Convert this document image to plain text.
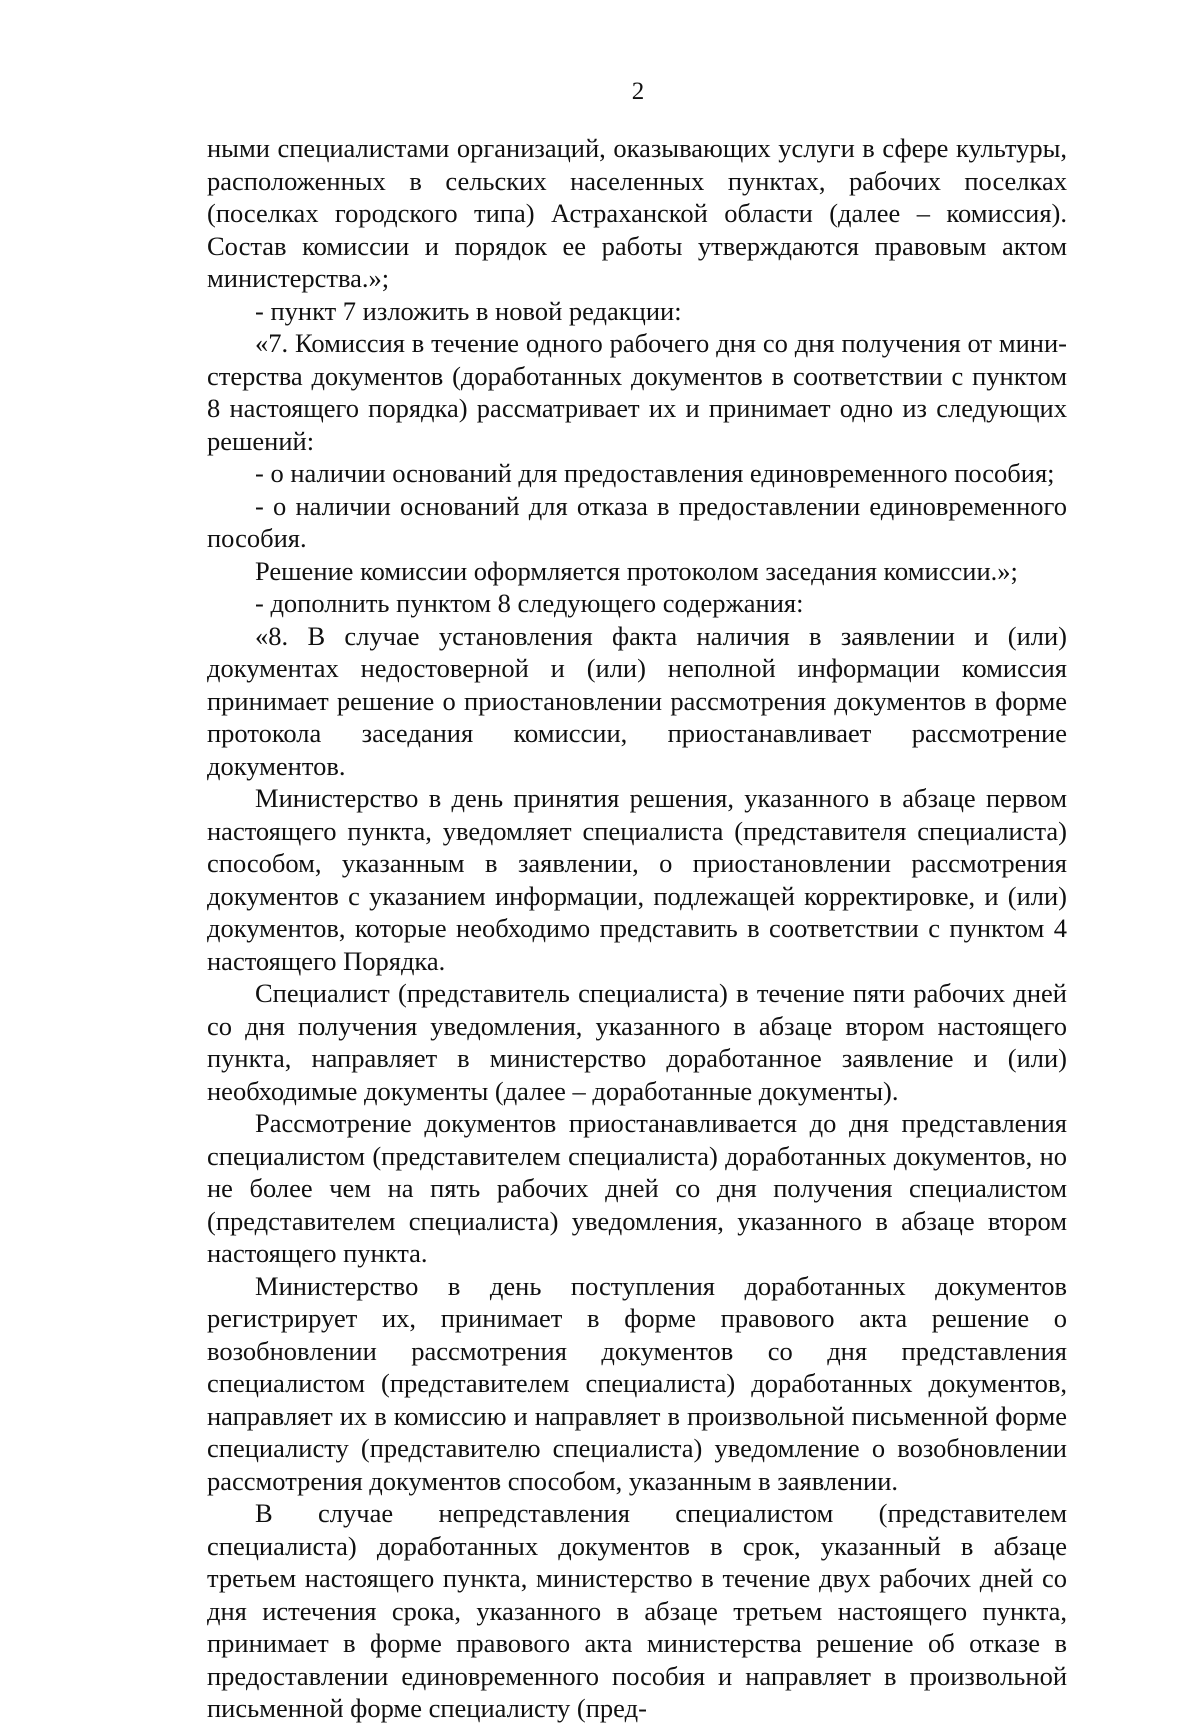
2

ными специалистами организаций, оказывающих услуги в сфере культуры, расположенных в сельских населенных пунктах, рабочих поселках (поселках городского типа) Астраханской области (далее – комиссия). Состав комиссии и порядок ее работы утверждаются правовым актом министерства.»;

- пункт 7 изложить в новой редакции:

«7. Комиссия в течение одного рабочего дня со дня получения от министерства документов (доработанных документов в соответствии с пунктом 8 настоящего порядка) рассматривает их и принимает одно из следующих решений:

- о наличии оснований для предоставления единовременного пособия;

- о наличии оснований для отказа в предоставлении единовременного пособия.

Решение комиссии оформляется протоколом заседания комиссии.»;

- дополнить пунктом 8 следующего содержания:

«8. В случае установления факта наличия в заявлении и (или) документах недостоверной и (или) неполной информации комиссия принимает решение о приостановлении рассмотрения документов в форме протокола заседания комиссии, приостанавливает рассмотрение документов.

Министерство в день принятия решения, указанного в абзаце первом настоящего пункта, уведомляет специалиста (представителя специалиста) способом, указанным в заявлении, о приостановлении рассмотрения документов с указанием информации, подлежащей корректировке, и (или) документов, которые необходимо представить в соответствии с пунктом 4 настоящего Порядка.

Специалист (представитель специалиста) в течение пяти рабочих дней со дня получения уведомления, указанного в абзаце втором настоящего пункта, направляет в министерство доработанное заявление и (или) необходимые документы (далее – доработанные документы).

Рассмотрение документов приостанавливается до дня представления специалистом (представителем специалиста) доработанных документов, но не более чем на пять рабочих дней со дня получения специалистом (представителем специалиста) уведомления, указанного в абзаце втором настоящего пункта.

Министерство в день поступления доработанных документов регистрирует их, принимает в форме правового акта решение о возобновлении рассмотрения документов со дня представления специалистом (представителем специалиста) доработанных документов, направляет их в комиссию и направляет в произвольной письменной форме специалисту (представителю специалиста) уведомление о возобновлении рассмотрения документов способом, указанным в заявлении.

В случае непредставления специалистом (представителем специалиста) доработанных документов в срок, указанный в абзаце третьем настоящего пункта, министерство в течение двух рабочих дней со дня истечения срока, указанного в абзаце третьем настоящего пункта, принимает в форме правового акта министерства решение об отказе в предоставлении единовременного пособия и направляет в произвольной письменной форме специалисту (пред-
